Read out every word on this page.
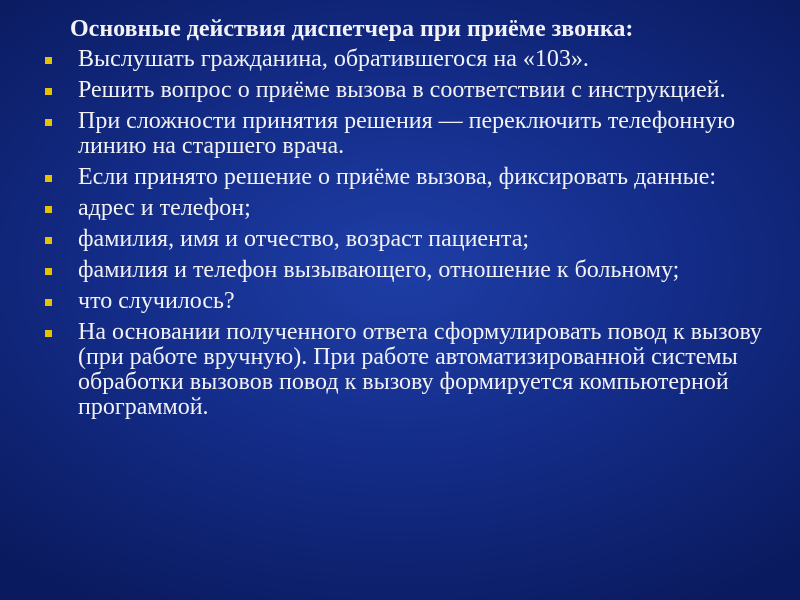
Основные действия диспетчера при приёме звонка:
Выслушать гражданина, обратившегося на «103».
Решить вопрос о приёме вызова в соответствии с инструкцией.
При сложности принятия решения — переключить телефонную линию на старшего врача.
Если принято решение о приёме вызова, фиксировать данные:
адрес и телефон;
фамилия, имя и отчество, возраст пациента;
фамилия и телефон вызывающего, отношение к больному;
что случилось?
На основании полученного ответа сформулировать повод к вызову (при работе вручную). При работе автоматизированной системы обработки вызовов повод к вызову формируется компьютерной программой.
